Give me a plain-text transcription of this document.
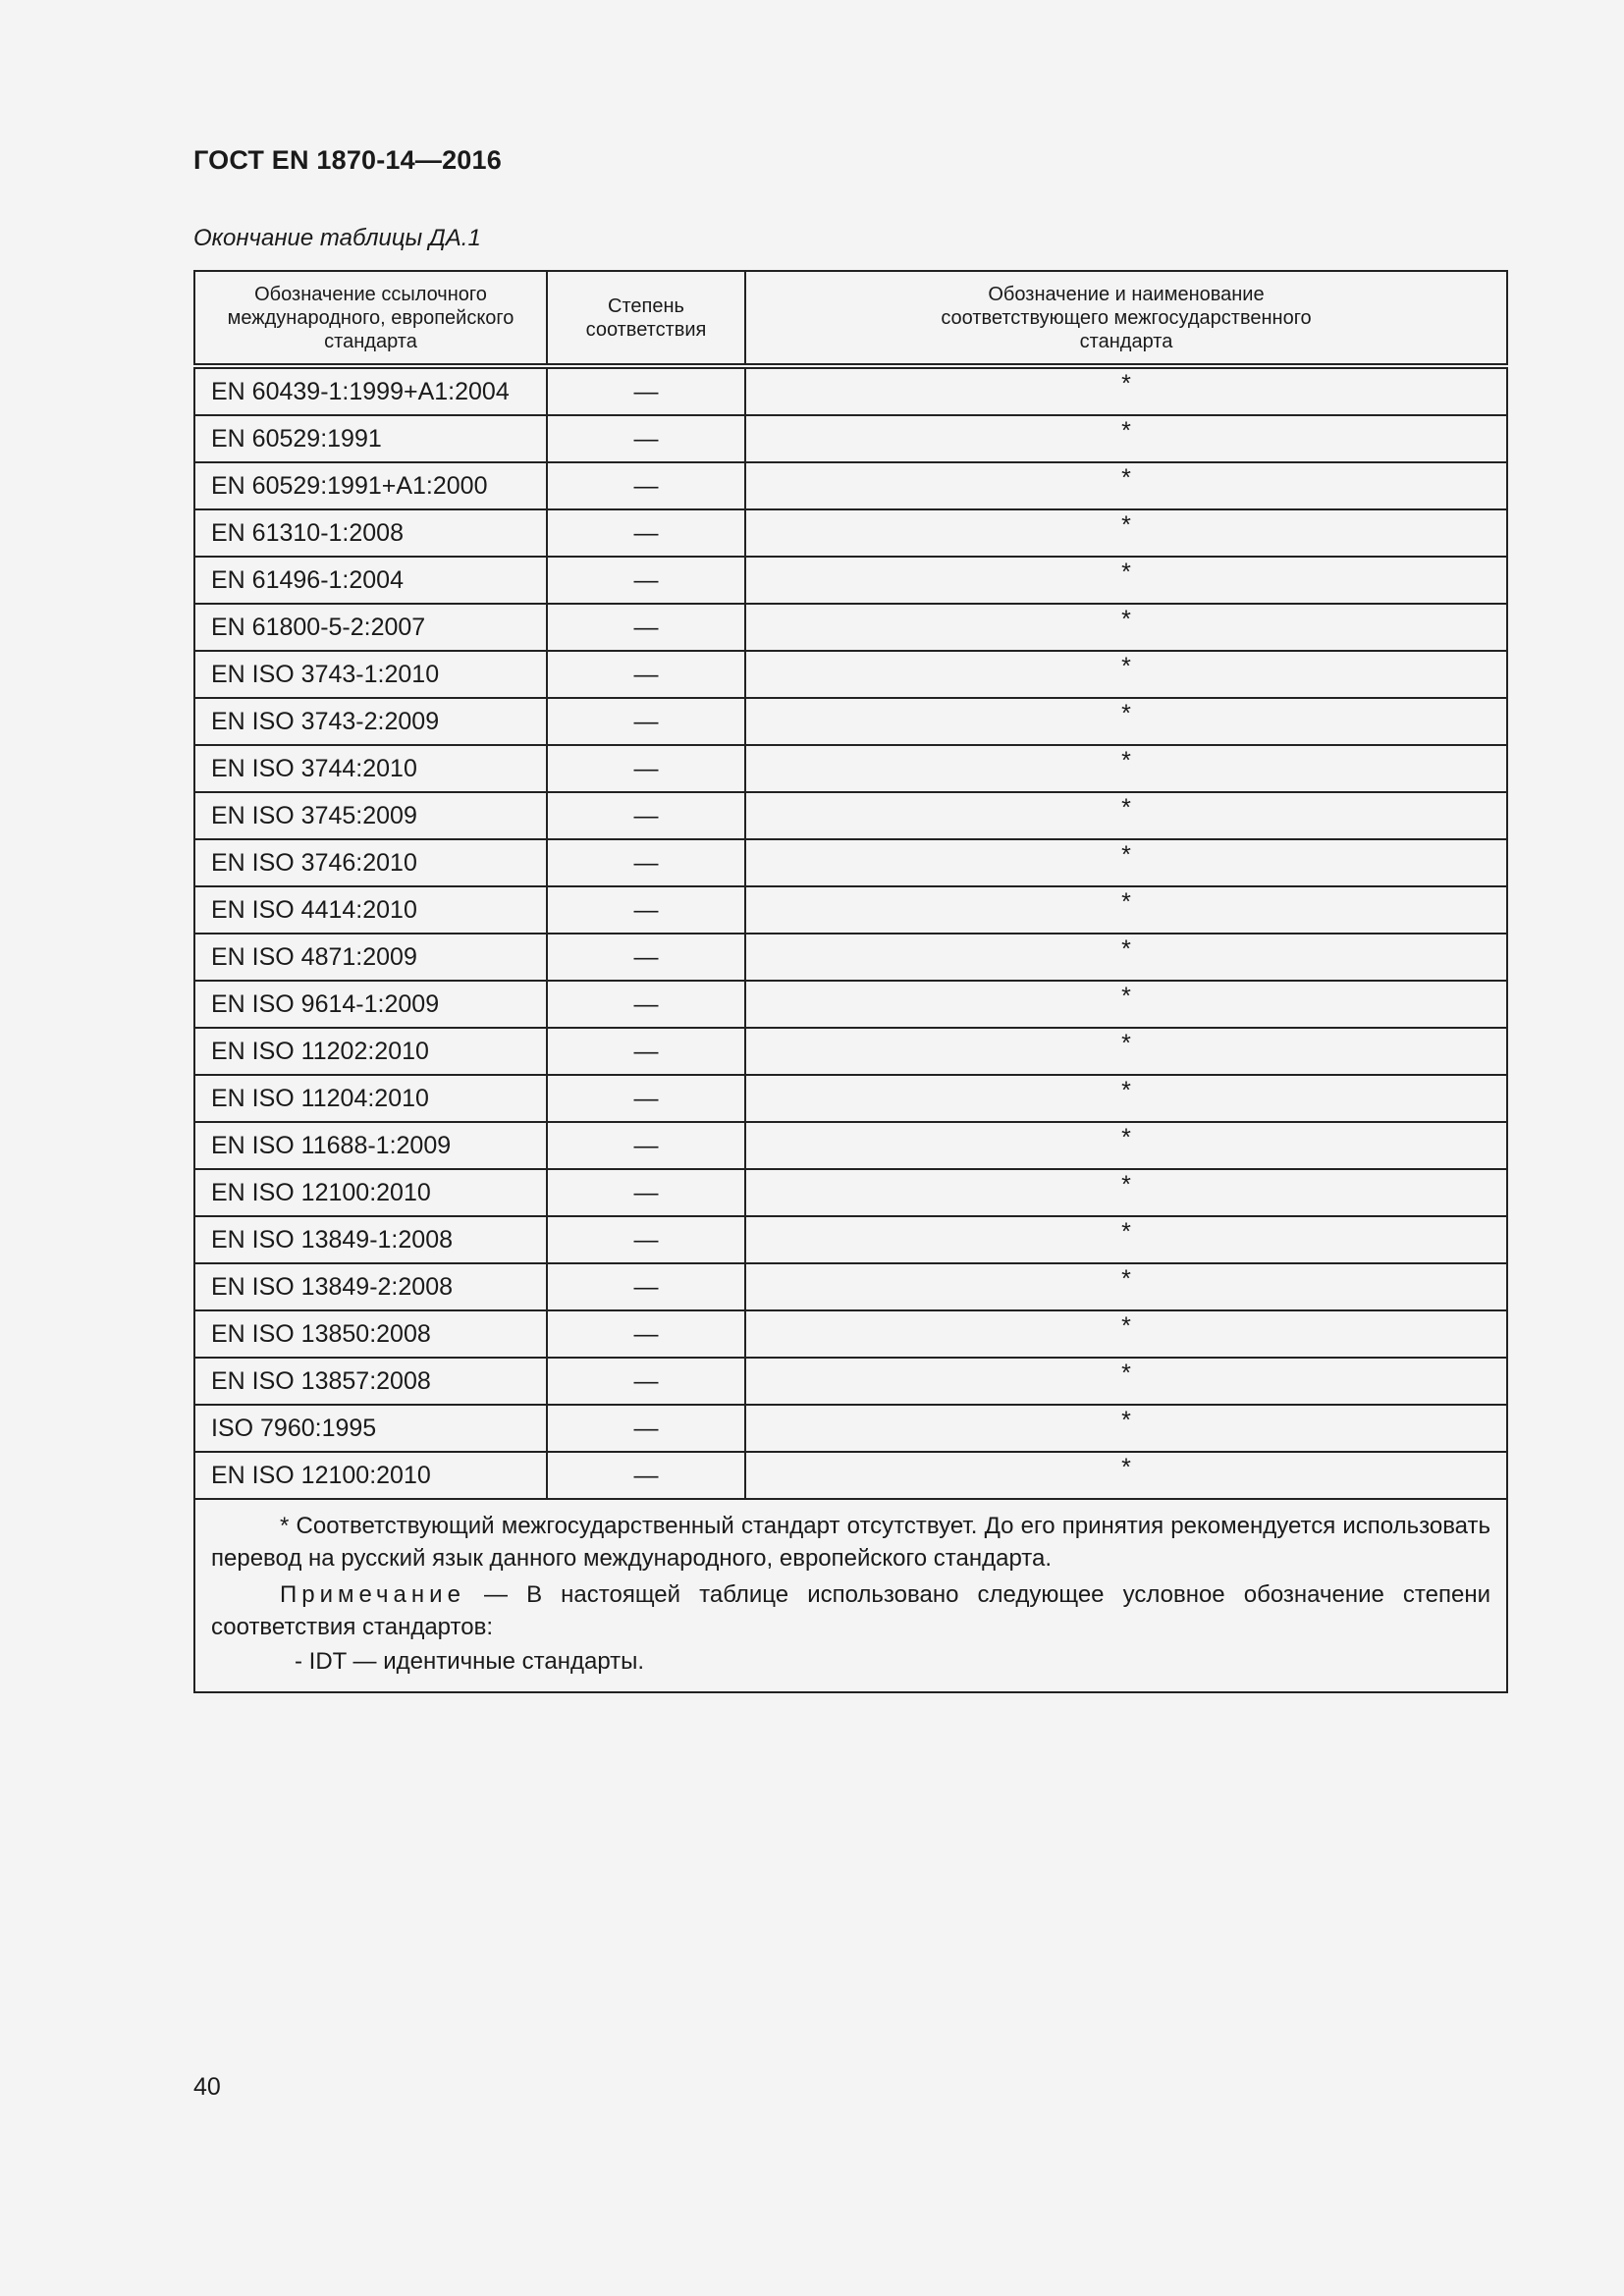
ГОСТ EN 1870-14—2016
Окончание таблицы ДА.1
Обозначение ссылочного международного, европейского стандарта	Степень соответствия	Обозначение и наименование соответствующего межгосударственного стандарта
EN 60439-1:1999+A1:2004	—	*
EN 60529:1991	—	*
EN 60529:1991+A1:2000	—	*
EN 61310-1:2008	—	*
EN 61496-1:2004	—	*
EN 61800-5-2:2007	—	*
EN ISO 3743-1:2010	—	*
EN ISO 3743-2:2009	—	*
EN ISO 3744:2010	—	*
EN ISO 3745:2009	—	*
EN ISO 3746:2010	—	*
EN ISO 4414:2010	—	*
EN ISO 4871:2009	—	*
EN ISO 9614-1:2009	—	*
EN ISO 11202:2010	—	*
EN ISO 11204:2010	—	*
EN ISO 11688-1:2009	—	*
EN ISO 12100:2010	—	*
EN ISO 13849-1:2008	—	*
EN ISO 13849-2:2008	—	*
EN ISO 13850:2008	—	*
EN ISO 13857:2008	—	*
ISO 7960:1995	—	*
EN ISO 12100:2010	—	*

* Соответствующий межгосударственный стандарт отсутствует. До его принятия рекомендуется использовать перевод на русский язык данного международного, европейского стандарта.

Примечание — В настоящей таблице использовано следующее условное обозначение степени соответствия стандартов:

- IDT — идентичные стандарты.		

40
